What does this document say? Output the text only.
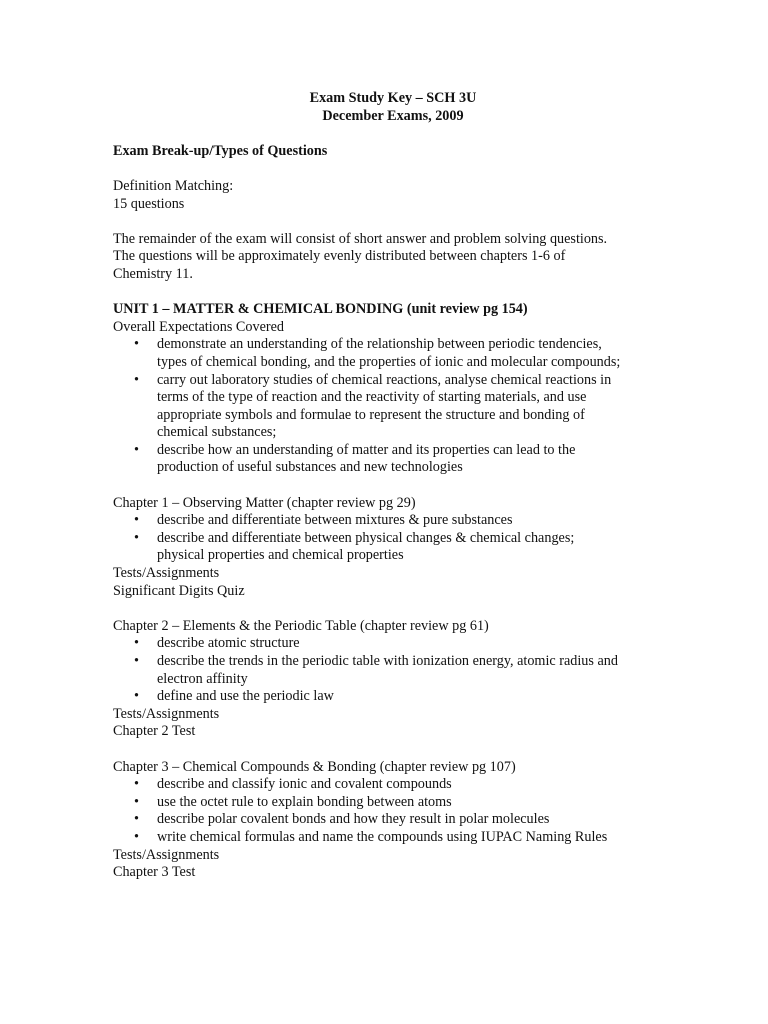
Exam Study Key – SCH 3U
December Exams, 2009
Exam Break-up/Types of Questions
Definition Matching:
15 questions
The remainder of the exam will consist of short answer and problem solving questions.
The questions will be approximately evenly distributed between chapters 1-6 of
Chemistry 11.
UNIT 1 – MATTER & CHEMICAL BONDING (unit review pg 154)
Overall Expectations Covered
• demonstrate an understanding of the relationship between periodic tendencies,
types of chemical bonding, and the properties of ionic and molecular compounds;
• carry out laboratory studies of chemical reactions, analyse chemical reactions in
terms of the type of reaction and the reactivity of starting materials, and use
appropriate symbols and formulae to represent the structure and bonding of
chemical substances;
• describe how an understanding of matter and its properties can lead to the
production of useful substances and new technologies
Chapter 1 – Observing Matter (chapter review pg 29)
• describe and differentiate between mixtures & pure substances
• describe and differentiate between physical changes & chemical changes;
physical properties and chemical properties
Tests/Assignments
Significant Digits Quiz
Chapter 2 – Elements & the Periodic Table (chapter review pg 61)
• describe atomic structure
• describe the trends in the periodic table with ionization energy, atomic radius and
electron affinity
• define and use the periodic law
Tests/Assignments
Chapter 2 Test
Chapter 3 – Chemical Compounds & Bonding (chapter review pg 107)
• describe and classify ionic and covalent compounds
• use the octet rule to explain bonding between atoms
• describe polar covalent bonds and how they result in polar molecules
• write chemical formulas and name the compounds using IUPAC Naming Rules
Tests/Assignments
Chapter 3 Test
